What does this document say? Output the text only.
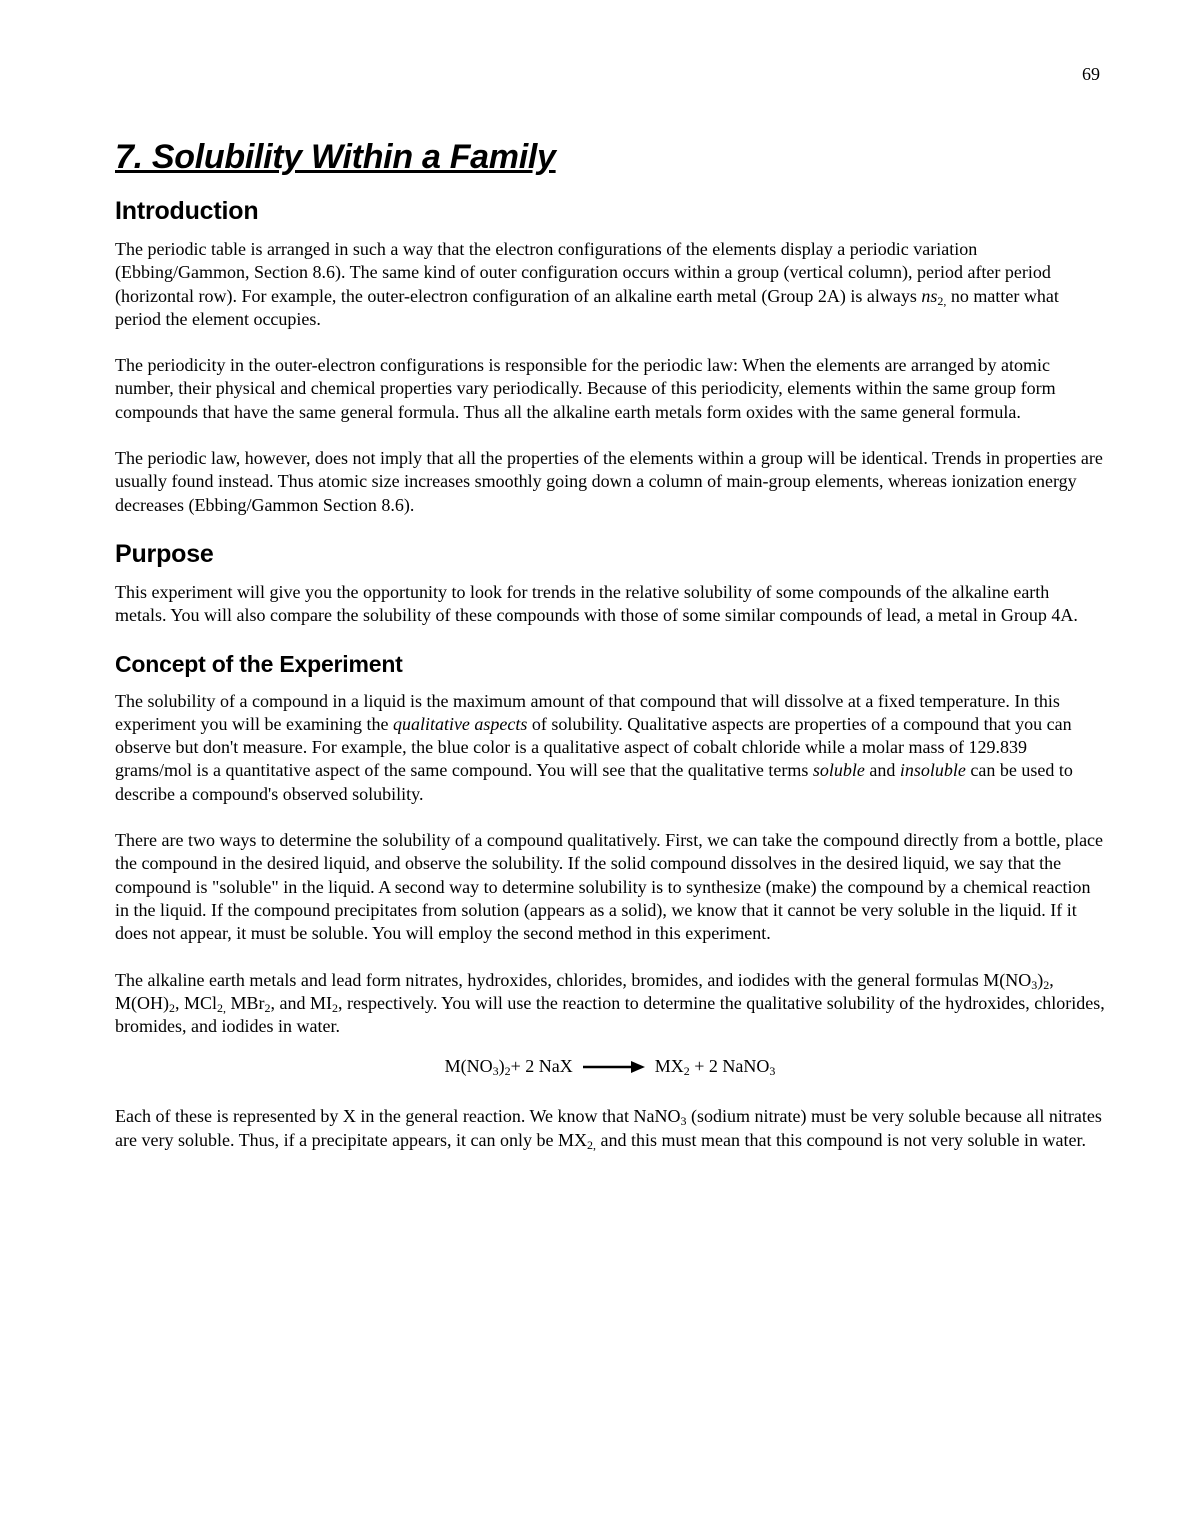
69
7. Solubility Within a Family
Introduction

The periodic table is arranged in such a way that the electron configurations of the elements display a periodic variation (Ebbing/Gammon, Section 8.6). The same kind of outer configuration occurs within a group (vertical column), period after period (horizontal row). For example, the outer-electron configuration of an alkaline earth metal (Group 2A) is always $ns_{2,}$ no matter what period the element occupies.

The periodicity in the outer-electron configurations is responsible for the periodic law: When the elements are arranged by atomic number, their physical and chemical properties vary periodically. Because of this periodicity, elements within the same group form compounds that have the same general formula. Thus all the alkaline earth metals form oxides with the same general formula.

The periodic law, however, does not imply that all the properties of the elements within a group will be identical. Trends in properties are usually found instead. Thus atomic size increases smoothly going down a column of main-group elements, whereas ionization energy decreases (Ebbing/Gammon Section 8.6).

Purpose

This experiment will give you the opportunity to look for trends in the relative solubility of some compounds of the alkaline earth metals. You will also compare the solubility of these compounds with those of some similar compounds of lead, a metal in Group 4A.

Concept of the Experiment

The solubility of a compound in a liquid is the maximum amount of that compound that will dissolve at a fixed temperature. In this experiment you will be examining the qualitative aspects of solubility. Qualitative aspects are properties of a compound that you can observe but don't measure. For example, the blue color is a qualitative aspect of cobalt chloride while a molar mass of 129.839 grams/mol is a quantitative aspect of the same compound. You will see that the qualitative terms soluble and insoluble can be used to describe a compound's observed solubility.

There are two ways to determine the solubility of a compound qualitatively. First, we can take the compound directly from a bottle, place the compound in the desired liquid, and observe the solubility. If the solid compound dissolves in the desired liquid, we say that the compound is "soluble" in the liquid. A second way to determine solubility is to synthesize (make) the compound by a chemical reaction in the liquid. If the compound precipitates from solution (appears as a solid), we know that it cannot be very soluble in the liquid. If it does not appear, it must be soluble. You will employ the second method in this experiment.

The alkaline earth metals and lead form nitrates, hydroxides, chlorides, bromides, and iodides with the general formulas $M(NO_3)_2$, $M(OH)_2$, MCl$_{2,}$ MBr$_2$, and $MI_2$, respectively. You will use the reaction to determine the qualitative solubility of the hydroxides, chlorides, bromides, and iodides in water.

$M(NO_3)_2+ 2$ NaX → $MX_2 + 2$ NaNO$_3$

Each of these is represented by X in the general reaction. We know that NaNO$_3$ (sodium nitrate) must be very soluble because all nitrates are very soluble. Thus, if a precipitate appears, it can only be $MX_{2,}$ and this must mean that this compound is not very soluble in water.
